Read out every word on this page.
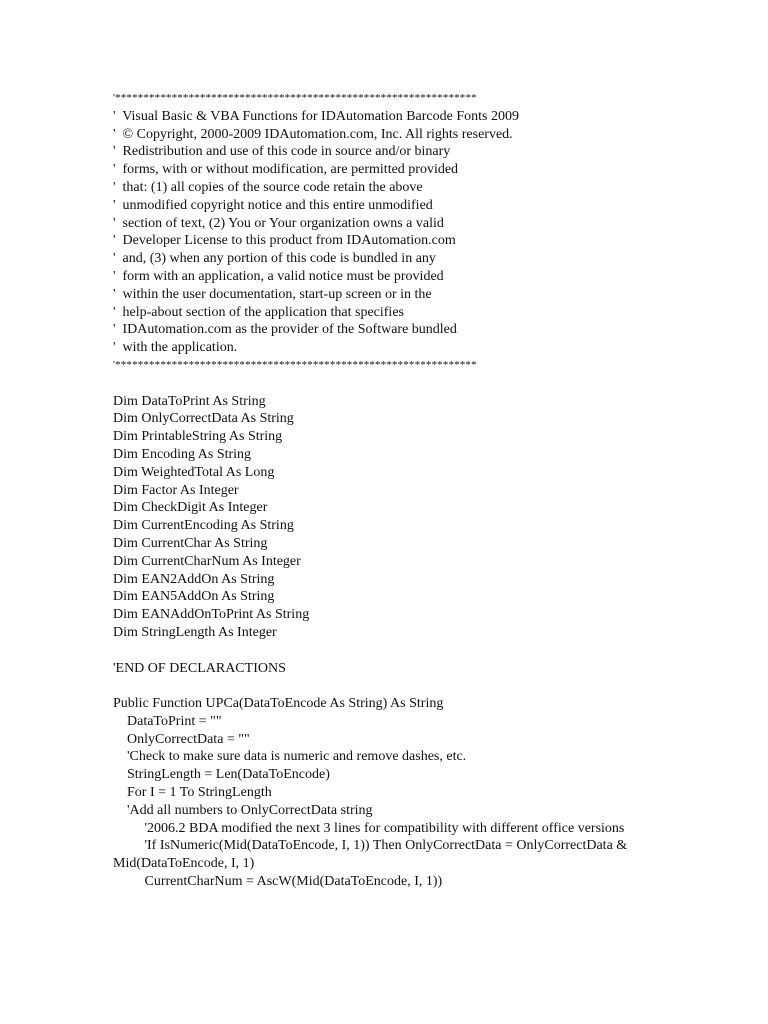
'****************************************************************
'  Visual Basic & VBA Functions for IDAutomation Barcode Fonts 2009
'  © Copyright, 2000-2009 IDAutomation.com, Inc. All rights reserved.
'  Redistribution and use of this code in source and/or binary
'  forms, with or without modification, are permitted provided
'  that: (1) all copies of the source code retain the above
'  unmodified copyright notice and this entire unmodified
'  section of text, (2) You or Your organization owns a valid
'  Developer License to this product from IDAutomation.com
'  and, (3) when any portion of this code is bundled in any
'  form with an application, a valid notice must be provided
'  within the user documentation, start-up screen or in the
'  help-about section of the application that specifies
'  IDAutomation.com as the provider of the Software bundled
'  with the application.
'****************************************************************
Dim DataToPrint As String
Dim OnlyCorrectData As String
Dim PrintableString As String
Dim Encoding As String
Dim WeightedTotal As Long
Dim Factor As Integer
Dim CheckDigit As Integer
Dim CurrentEncoding As String
Dim CurrentChar As String
Dim CurrentCharNum As Integer
Dim EAN2AddOn As String
Dim EAN5AddOn As String
Dim EANAddOnToPrint As String
Dim StringLength As Integer
'END OF DECLARACTIONS
Public Function UPCa(DataToEncode As String) As String
DataToPrint = ""
OnlyCorrectData = ""
'Check to make sure data is numeric and remove dashes, etc.
StringLength = Len(DataToEncode)
For I = 1 To StringLength
'Add all numbers to OnlyCorrectData string
'2006.2 BDA modified the next 3 lines for compatibility with different office versions
'If IsNumeric(Mid(DataToEncode, I, 1)) Then OnlyCorrectData = OnlyCorrectData & Mid(DataToEncode, I, 1)
CurrentCharNum = AscW(Mid(DataToEncode, I, 1))
